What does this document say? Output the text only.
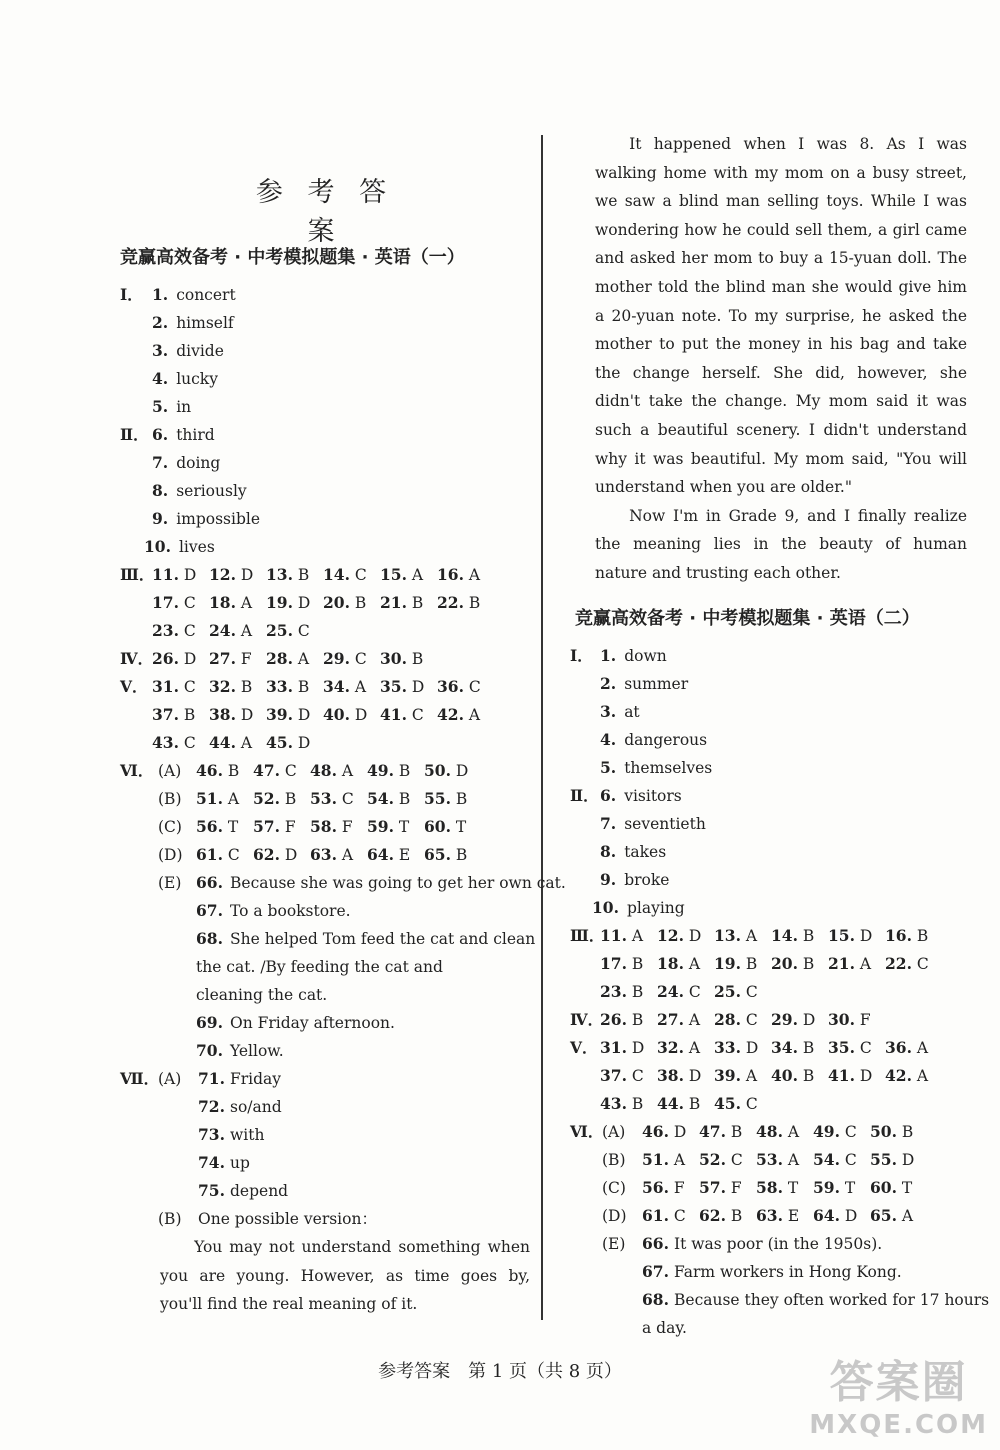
参 考 答 案
竞赢高效备考 · 中考模拟题集 · 英语（一）
I． 1. concert
2. himself
3. divide
4. lucky
5. in
Ⅱ． 6. third
7. doing
8. seriously
9. impossible
10. lives
Ⅲ．
11. D 12. D 13. B 14. C 15. A 16. A
17. C 18. A 19. D 20. B 21. B 22. B
23. C 24. A 25. C
Ⅳ．
26. D 27. F 28. A 29. C 30. B
Ⅴ． 31. C 32. B 33. B 34. A 35. D 36. C
37. B 38. D 39. D 40. D 41. C 42. A
43. C 44. A 45. D
Ⅵ． (A) 46. B 47. C 48. A 49. B 50. D
(B) 51. A 52. B 53. C 54. B 55. B
(C) 56. T 57. F 58. F 59. T 60. T
(D) 61. C 62. D 63. A 64. E 65. B
(E) 66. Because she was going to get her own cat.
67. To a bookstore.
68. She helped Tom feed the cat and clean
the cat. /By feeding the cat and
cleaning the cat.
69. On Friday afternoon.
70. Yellow.
Ⅶ．
(A) 71. Friday
72. so/and
73. with
74. up
75. depend
(B) One possible version：
You may not understand something when you are young. However, as time goes by, you'll find the real meaning of it.
It happened when I was 8. As I was walking home with my mom on a busy street, we saw a blind man selling toys. While I was wondering how he could sell them, a girl came and asked her mom to buy a 15-yuan doll. The mother told the blind man she would give him a 20-yuan note. To my surprise, he asked the mother to put the money in his bag and take the change herself. She did, however, she didn't take the change. My mom said it was such a beautiful scenery. I didn't understand why it was beautiful. My mom said, "You will understand when you are older."
Now I'm in Grade 9, and I finally realize the meaning lies in the beauty of human nature and trusting each other.
竞赢高效备考 · 中考模拟题集 · 英语（二）
I． 1. down
2. summer
3. at
4. dangerous
5. themselves
Ⅱ． 6. visitors
7. seventieth
8. takes
9. broke
10. playing
Ⅲ．
11. A 12. D 13. A 14. B 15. D 16. B
17. B 18. A 19. B 20. B 21. A 22. C
23. B 24. C 25. C
Ⅳ．
26. B 27. A 28. C 29. D 30. F
Ⅴ． 31. D 32. A 33. D 34. B 35. C 36. A
37. C 38. D 39. A 40. B 41. D 42. A
43. B 44. B 45. C
Ⅵ．
(A) 46. D 47. B 48. A 49. C 50. B
(B) 51. A 52. C 53. A 54. C 55. D
(C) 56. F 57. F 58. T 59. T 60. T
(D) 61. C 62. B 63. E 64. D 65. A
(E) 66. It was poor (in the 1950s).
67. Farm workers in Hong Kong.
68. Because they often worked for 17 hours
a day.
参考答案　第 1 页（共 8 页）	答案圈
MXQE.COM
